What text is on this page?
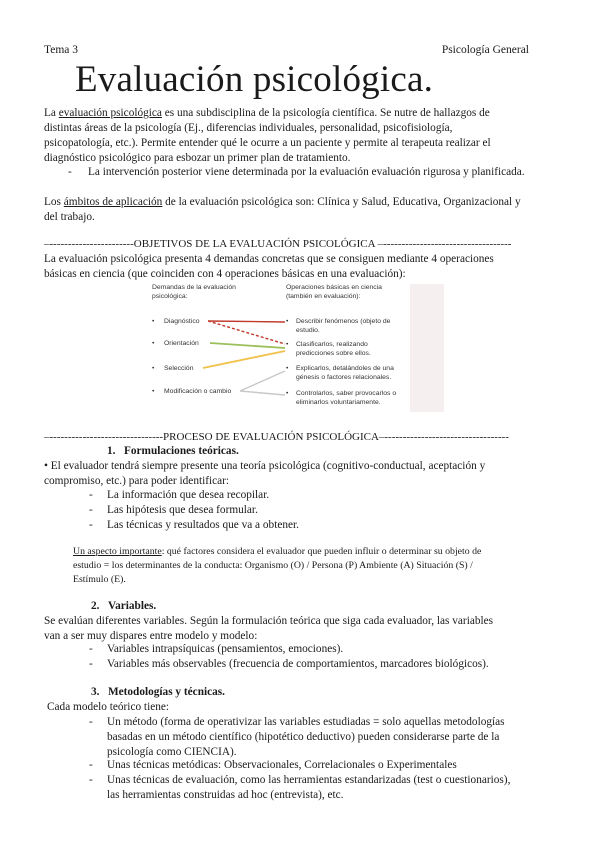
Tema 3	Psicología General
Evaluación psicológica.
La evaluación psicológica es una subdisciplina de la psicología científica. Se nutre de hallazgos de
distintas áreas de la psicología (Ej., diferencias individuales, personalidad, psicofisiología,
psicopatología, etc.). Permite entender qué le ocurre a un paciente y permite al terapeuta realizar el
diagnóstico psicológico para esbozar un primer plan de tratamiento.
- La intervención posterior viene determinada por la evaluación evaluación rigurosa y planificada.
Los ámbitos de aplicación de la evaluación psicológica son: Clínica y Salud, Educativa, Organizacional y
del trabajo.
–-----------------------OBJETIVOS DE LA EVALUACIÓN PSICOLÓGICA –-----------------------------------
La evaluación psicológica presenta 4 demandas concretas que se consiguen mediante 4 operaciones
básicas en ciencia (que coinciden con 4 operaciones básicas en una evaluación):
Demandas de la evaluación
psicológica:
Operaciones básicas en ciencia
(también en evaluación):
• Diagnóstico
• Orientación
• Selección
• Modificación o cambio
• Describir fenómenos (objeto de
estudio.
• Clasificarlos, realizando
predicciones sobre ellos.
• Explicarlos, detalándoles de una
génesis o factores relacionales.
• Controlarlos, saber provocarlos o
eliminarlos voluntariamente.
–-------------------------------PROCESO DE EVALUACIÓN PSICOLÓGICA–----------------------------------
1. Formulaciones teóricas.
• El evaluador tendrá siempre presente una teoría psicológica (cognitivo-conductual, aceptación y
compromiso, etc.) para poder identificar:
- La información que desea recopilar.
- Las hipótesis que desea formular.
- Las técnicas y resultados que va a obtener.
Un aspecto importante: qué factores considera el evaluador que pueden influir o determinar su objeto de
estudio = los determinantes de la conducta: Organismo (O) / Persona (P) Ambiente (A) Situación (S) /
Estímulo (E).
2. Variables.
Se evalúan diferentes variables. Según la formulación teórica que siga cada evaluador, las variables
van a ser muy dispares entre modelo y modelo:
- Variables intrapsíquicas (pensamientos, emociones).
- Variables más observables (frecuencia de comportamientos, marcadores biológicos).
3. Metodologías y técnicas.
Cada modelo teórico tiene:
- Un método (forma de operativizar las variables estudiadas = solo aquellas metodologías
basadas en un método científico (hipotético deductivo) pueden considerarse parte de la
psicología como CIENCIA).
- Unas técnicas metódicas: Observacionales, Correlacionales o Experimentales
- Unas técnicas de evaluación, como las herramientas estandarizadas (test o cuestionarios),
las herramientas construidas ad hoc (entrevista), etc.
